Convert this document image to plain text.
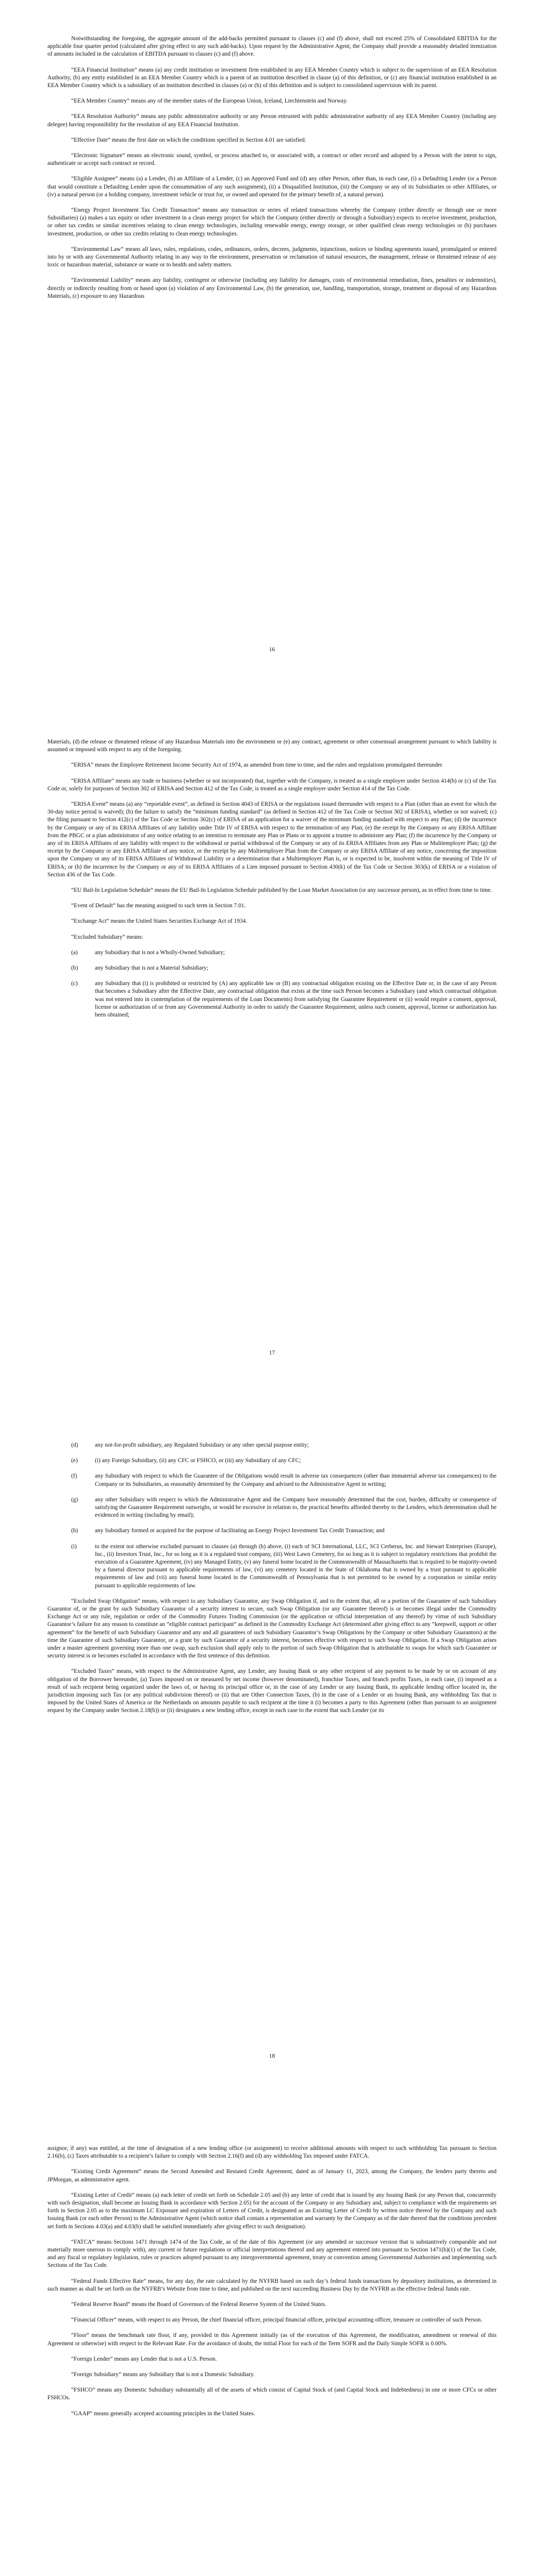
Notwithstanding the foregoing, the aggregate amount of the add-backs permitted pursuant to clauses (c) and (f) above, shall not exceed 25% of Consolidated EBITDA for the applicable four quarter period (calculated after giving effect to any such add-backs). Upon request by the Administrative Agent, the Company shall provide a reasonably detailed itemization of amounts included in the calculation of EBITDA pursuant to clauses (c) and (f) above.

“EEA Financial Institution” means (a) any credit institution or investment firm established in any EEA Member Country which is subject to the supervision of an EEA Resolution Authority, (b) any entity established in an EEA Member Country which is a parent of an institution described in clause (a) of this definition, or (c) any financial institution established in an EEA Member Country which is a subsidiary of an institution described in clauses (a) or (b) of this definition and is subject to consolidated supervision with its parent.

“EEA Member Country” means any of the member states of the European Union, Iceland, Liechtenstein and Norway.

“EEA Resolution Authority” means any public administrative authority or any Person entrusted with public administrative authority of any EEA Member Country (including any delegee) having responsibility for the resolution of any EEA Financial Institution.

“Effective Date” means the first date on which the conditions specified in Section 4.01 are satisfied.

“Electronic Signature” means an electronic sound, symbol, or process attached to, or associated with, a contract or other record and adopted by a Person with the intent to sign, authenticate or accept such contract or record.

“Eligible Assignee” means (a) a Lender, (b) an Affiliate of a Lender, (c) an Approved Fund and (d) any other Person, other than, in each case, (i) a Defaulting Lender (or a Person that would constitute a Defaulting Lender upon the consummation of any such assignment), (ii) a Disqualified Institution, (iii) the Company or any of its Subsidiaries or other Affiliates, or (iv) a natural person (or a holding company, investment vehicle or trust for, or owned and operated for the primary benefit of, a natural person).

“Energy Project Investment Tax Credit Transaction” means any transaction or series of related transactions whereby the Company (either directly or through one or more Subsidiaries) (a) makes a tax equity or other investment in a clean energy project for which the Company (either directly or through a Subsidiary) expects to receive investment, production, or other tax credits or similar incentives relating to clean energy technologies, including renewable energy, energy storage, or other qualified clean energy technologies or (b) purchases investment, production, or other tax credits relating to clean energy technologies.

“Environmental Law” means all laws, rules, regulations, codes, ordinances, orders, decrees, judgments, injunctions, notices or binding agreements issued, promulgated or entered into by or with any Governmental Authority relating in any way to the environment, preservation or reclamation of natural resources, the management, release or threatened release of any toxic or hazardous material, substance or waste or to health and safety matters.

“Environmental Liability” means any liability, contingent or otherwise (including any liability for damages, costs of environmental remediation, fines, penalties or indemnities), directly or indirectly resulting from or based upon (a) violation of any Environmental Law, (b) the generation, use, handling, transportation, storage, treatment or disposal of any Hazardous Materials, (c) exposure to any Hazardous

16

Materials, (d) the release or threatened release of any Hazardous Materials into the environment or (e) any contract, agreement or other consensual arrangement pursuant to which liability is assumed or imposed with respect to any of the foregoing.

“ERISA” means the Employee Retirement Income Security Act of 1974, as amended from time to time, and the rules and regulations promulgated thereunder.

“ERISA Affiliate” means any trade or business (whether or not incorporated) that, together with the Company, is treated as a single employer under Section 414(b) or (c) of the Tax Code or, solely for purposes of Section 302 of ERISA and Section 412 of the Tax Code, is treated as a single employer under Section 414 of the Tax Code.

“ERISA Event” means (a) any “reportable event”, as defined in Section 4043 of ERISA or the regulations issued thereunder with respect to a Plan (other than an event for which the 30-day notice period is waived); (b) the failure to satisfy the “minimum funding standard” (as defined in Section 412 of the Tax Code or Section 302 of ERISA), whether or not waived; (c) the filing pursuant to Section 412(c) of the Tax Code or Section 302(c) of ERISA of an application for a waiver of the minimum funding standard with respect to any Plan; (d) the incurrence by the Company or any of its ERISA Affiliates of any liability under Title IV of ERISA with respect to the termination of any Plan; (e) the receipt by the Company or any ERISA Affiliate from the PBGC or a plan administrator of any notice relating to an intention to terminate any Plan or Plans or to appoint a trustee to administer any Plan; (f) the incurrence by the Company or any of its ERISA Affiliates of any liability with respect to the withdrawal or partial withdrawal of the Company or any of its ERISA Affiliates from any Plan or Multiemployer Plan; (g) the receipt by the Company or any ERISA Affiliate of any notice, or the receipt by any Multiemployer Plan from the Company or any ERISA Affiliate of any notice, concerning the imposition upon the Company or any of its ERISA Affiliates of Withdrawal Liability or a determination that a Multiemployer Plan is, or is expected to be, insolvent within the meaning of Title IV of ERISA; or (h) the incurrence by the Company or any of its ERISA Affiliates of a Lien imposed pursuant to Section 430(k) of the Tax Code or Section 303(k) of ERISA or a violation of Section 436 of the Tax Code.

“EU Bail-In Legislation Schedule” means the EU Bail-In Legislation Schedule published by the Loan Market Association (or any successor person), as in effect from time to time.

“Event of Default” has the meaning assigned to such term in Section 7.01.

“Exchange Act” means the United States Securities Exchange Act of 1934.

“Excluded Subsidiary” means:

(a)	any Subsidiary that is not a Wholly-Owned Subsidiary;
(b)	any Subsidiary that is not a Material Subsidiary;
(c)	any Subsidiary that (i) is prohibited or restricted by (A) any applicable law or (B) any contractual obligation existing on the Effective Date or, in the case of any Person that becomes a Subsidiary after the Effective Date, any contractual obligation that exists at the time such Person becomes a Subsidiary (and which contractual obligation was not entered into in contemplation of the requirements of the Loan Documents) from satisfying the Guarantee Requirement or (ii) would require a consent, approval, license or authorization of or from any Governmental Authority in order to satisfy the Guarantee Requirement, unless such consent, approval, license or authorization has been obtained;
17
(d)	any not-for-profit subsidiary, any Regulated Subsidiary or any other special purpose entity;
(e)	(i) any Foreign Subsidiary, (ii) any CFC or FSHCO, or (iii) any Subsidiary of any CFC;
(f)	any Subsidiary with respect to which the Guarantee of the Obligations would result in adverse tax consequences (other than immaterial adverse tax consequences) to the Company or its Subsidiaries, as reasonably determined by the Company and advised to the Administrative Agent in writing;
(g)	any other Subsidiary with respect to which the Administrative Agent and the Company have reasonably determined that the cost, burden, difficulty or consequence of satisfying the Guarantee Requirement outweighs, or would be excessive in relation to, the practical benefits afforded thereby to the Lenders, which determination shall be evidenced in writing (including by email);
(h)	any Subsidiary formed or acquired for the purpose of facilitating an Energy Project Investment Tax Credit Transaction; and
(i)	to the extent not otherwise excluded pursuant to clauses (a) through (h) above, (i) each of SCI International, LLC, SCI Cerberus, Inc. and Stewart Enterprises (Europe), Inc., (ii) Investors Trust, Inc., for so long as it is a regulated trust company, (iii) West Lawn Cemetery, for so long as it is subject to regulatory restrictions that prohibit the execution of a Guarantee Agreement, (iv) any Managed Entity, (v) any funeral home located in the Commonwealth of Massachusetts that is required to be majority-owned by a funeral director pursuant to applicable requirements of law, (vi) any cemetery located in the State of Oklahoma that is owned by a trust pursuant to applicable requirements of law and (vii) any funeral home located in the Commonwealth of Pennsylvania that is not permitted to be owned by a corporation or similar entity pursuant to applicable requirements of law.

“Excluded Swap Obligation” means, with respect to any Subsidiary Guarantor, any Swap Obligation if, and to the extent that, all or a portion of the Guarantee of such Subsidiary Guarantor of, or the grant by such Subsidiary Guarantor of a security interest to secure, such Swap Obligation (or any Guarantee thereof) is or becomes illegal under the Commodity Exchange Act or any rule, regulation or order of the Commodity Futures Trading Commission (or the application or official interpretation of any thereof) by virtue of such Subsidiary Guarantor’s failure for any reason to constitute an “eligible contract participant” as defined in the Commodity Exchange Act (determined after giving effect to any “keepwell, support or other agreement” for the benefit of such Subsidiary Guarantor and any and all guarantees of such Subsidiary Guarantor’s Swap Obligations by the Company or other Subsidiary Guarantors) at the time the Guarantee of such Subsidiary Guarantor, or a grant by such Guarantor of a security interest, becomes effective with respect to such Swap Obligation. If a Swap Obligation arises under a master agreement governing more than one swap, such exclusion shall apply only to the portion of such Swap Obligation that is attributable to swaps for which such Guarantee or security interest is or becomes excluded in accordance with the first sentence of this definition.

“Excluded Taxes” means, with respect to the Administrative Agent, any Lender, any Issuing Bank or any other recipient of any payment to be made by or on account of any obligation of the Borrower hereunder, (a) Taxes imposed on or measured by net income (however denominated), franchise Taxes, and branch profits Taxes, in each case, (i) imposed as a result of such recipient being organized under the laws of, or having its principal office or, in the case of any Lender or any Issuing Bank, its applicable lending office located in, the jurisdiction imposing such Tax (or any political subdivision thereof) or (ii) that are Other Connection Taxes, (b) in the case of a Lender or an Issuing Bank, any withholding Tax that is imposed by the United States of America or the Netherlands on amounts payable to such recipient at the time it (i) becomes a party to this Agreement (other than pursuant to an assignment request by the Company under Section 2.18(b)) or (ii) designates a new lending office, except in each case to the extent that such Lender (or its

18

assignor, if any) was entitled, at the time of designation of a new lending office (or assignment) to receive additional amounts with respect to such withholding Tax pursuant to Section 2.16(b), (c) Taxes attributable to a recipient’s failure to comply with Section 2.16(f) and (d) any withholding Tax imposed under FATCA.

“Existing Credit Agreement” means the Second Amended and Restated Credit Agreement, dated as of January 11, 2023, among the Company, the lenders party thereto and JPMorgan, as administrative agent.

“Existing Letter of Credit” means (a) each letter of credit set forth on Schedule 2.05 and (b) any letter of credit that is issued by any Issuing Bank (or any Person that, concurrently with such designation, shall become an Issuing Bank in accordance with Section 2.05) for the account of the Company or any Subsidiary and, subject to compliance with the requirements set forth in Section 2.05 as to the maximum LC Exposure and expiration of Letters of Credit, is designated as an Existing Letter of Credit by written notice thereof by the Company and such Issuing Bank (or each other Person) to the Administrative Agent (which notice shall contain a representation and warranty by the Company as of the date thereof that the conditions precedent set forth in Sections 4.03(a) and 4.03(b) shall be satisfied immediately after giving effect to such designation).

“FATCA” means Sections 1471 through 1474 of the Tax Code, as of the date of this Agreement (or any amended or successor version that is substantively comparable and not materially more onerous to comply with), any current or future regulations or official interpretations thereof and any agreement entered into pursuant to Section 1471(b)(1) of the Tax Code, and any fiscal or regulatory legislation, rules or practices adopted pursuant to any intergovernmental agreement, treaty or convention among Governmental Authorities and implementing such Sections of the Tax Code.

“Federal Funds Effective Rate” means, for any day, the rate calculated by the NYFRB based on such day’s federal funds transactions by depository institutions, as determined in such manner as shall be set forth on the NYFRB’s Website from time to time, and published on the next succeeding Business Day by the NYFRB as the effective federal funds rate.

“Federal Reserve Board” means the Board of Governors of the Federal Reserve System of the United States.

“Financial Officer” means, with respect to any Person, the chief financial officer, principal financial officer, principal accounting officer, treasurer or controller of such Person.

“Floor” means the benchmark rate floor, if any, provided in this Agreement initially (as of the execution of this Agreement, the modification, amendment or renewal of this Agreement or otherwise) with respect to the Relevant Rate. For the avoidance of doubt, the initial Floor for each of the Term SOFR and the Daily Simple SOFR is 0.00%.

“Foreign Lender” means any Lender that is not a U.S. Person.

“Foreign Subsidiary” means any Subsidiary that is not a Domestic Subsidiary.

“FSHCO” means any Domestic Subsidiary substantially all of the assets of which consist of Capital Stock of (and Capital Stock and Indebtedness) in one or more CFCs or other FSHCOs.

“GAAP” means generally accepted accounting principles in the United States.
